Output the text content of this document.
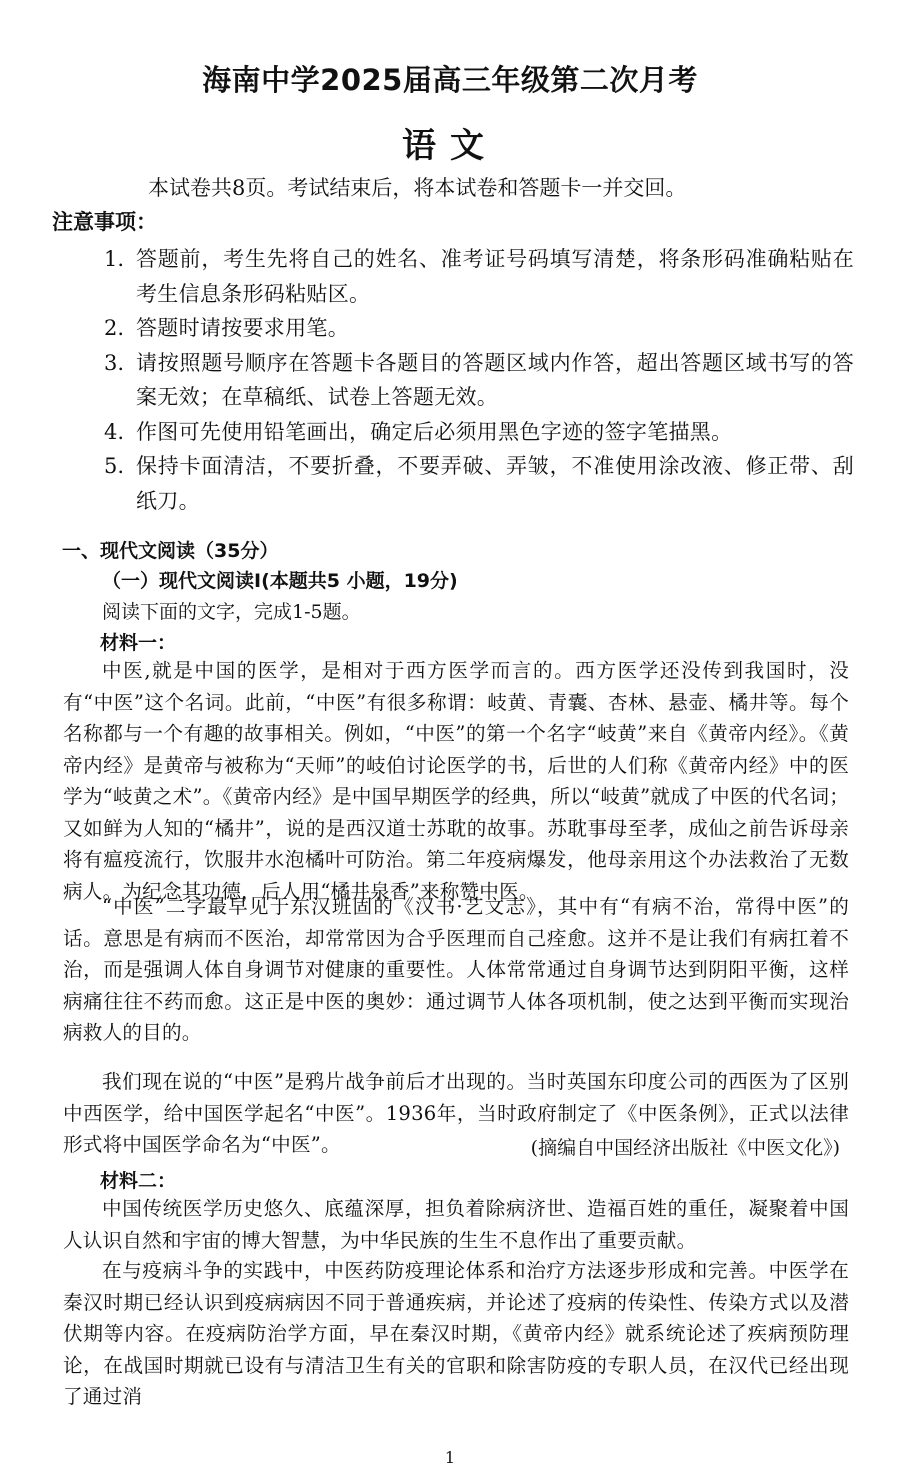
海南中学2025届高三年级第二次月考
语文
本试卷共8页。考试结束后，将本试卷和答题卡一并交回。
注意事项：
1. 答题前，考生先将自己的姓名、准考证号码填写清楚，将条形码准确粘贴在考生信息条形码粘贴区。
2. 答题时请按要求用笔。
3. 请按照题号顺序在答题卡各题目的答题区域内作答，超出答题区域书写的答案无效；在草稿纸、试卷上答题无效。
4. 作图可先使用铅笔画出，确定后必须用黑色字迹的签字笔描黑。
5. 保持卡面清洁，不要折叠，不要弄破、弄皱，不准使用涂改液、修正带、刮纸刀。
一、现代文阅读（35分）
（一）现代文阅读Ⅰ(本题共5 小题，19分)
阅读下面的文字，完成1-5题。
材料一：
中医,就是中国的医学，是相对于西方医学而言的。西方医学还没传到我国时，没有“中医”这个名词。此前，“中医”有很多称谓：岐黄、青囊、杏林、悬壶、橘井等。每个名称都与一个有趣的故事相关。例如，“中医”的第一个名字“岐黄”来自《黄帝内经》。《黄帝内经》是黄帝与被称为“天师”的岐伯讨论医学的书，后世的人们称《黄帝内经》中的医学为“岐黄之术”。《黄帝内经》是中国早期医学的经典，所以“岐黄”就成了中医的代名词；又如鲜为人知的“橘井”，说的是西汉道士苏耽的故事。苏耽事母至孝，成仙之前告诉母亲将有瘟疫流行，饮服井水泡橘叶可防治。第二年疫病爆发，他母亲用这个办法救治了无数病人。为纪念其功德，后人用“橘井泉香”来称赞中医。
“中医”二字最早见于东汉班固的《汉书·艺文志》，其中有“有病不治，常得中医”的话。意思是有病而不医治，却常常因为合乎医理而自己痊愈。这并不是让我们有病扛着不治，而是强调人体自身调节对健康的重要性。人体常常通过自身调节达到阴阳平衡，这样病痛往往不药而愈。这正是中医的奥妙：通过调节人体各项机制，使之达到平衡而实现治病救人的目的。
我们现在说的“中医”是鸦片战争前后才出现的。当时英国东印度公司的西医为了区别中西医学，给中国医学起名“中医”。1936年，当时政府制定了《中医条例》，正式以法律形式将中国医学命名为“中医”。	(摘编自中国经济出版社《中医文化》)
材料二：
中国传统医学历史悠久、底蕴深厚，担负着除病济世、造福百姓的重任，凝聚着中国人认识自然和宇宙的博大智慧，为中华民族的生生不息作出了重要贡献。
在与疫病斗争的实践中，中医药防疫理论体系和治疗方法逐步形成和完善。中医学在秦汉时期已经认识到疫病病因不同于普通疾病，并论述了疫病的传染性、传染方式以及潜伏期等内容。在疫病防治学方面，早在秦汉时期，《黄帝内经》就系统论述了疾病预防理论，在战国时期就已设有与清洁卫生有关的官职和除害防疫的专职人员，在汉代已经出现了通过消
1
